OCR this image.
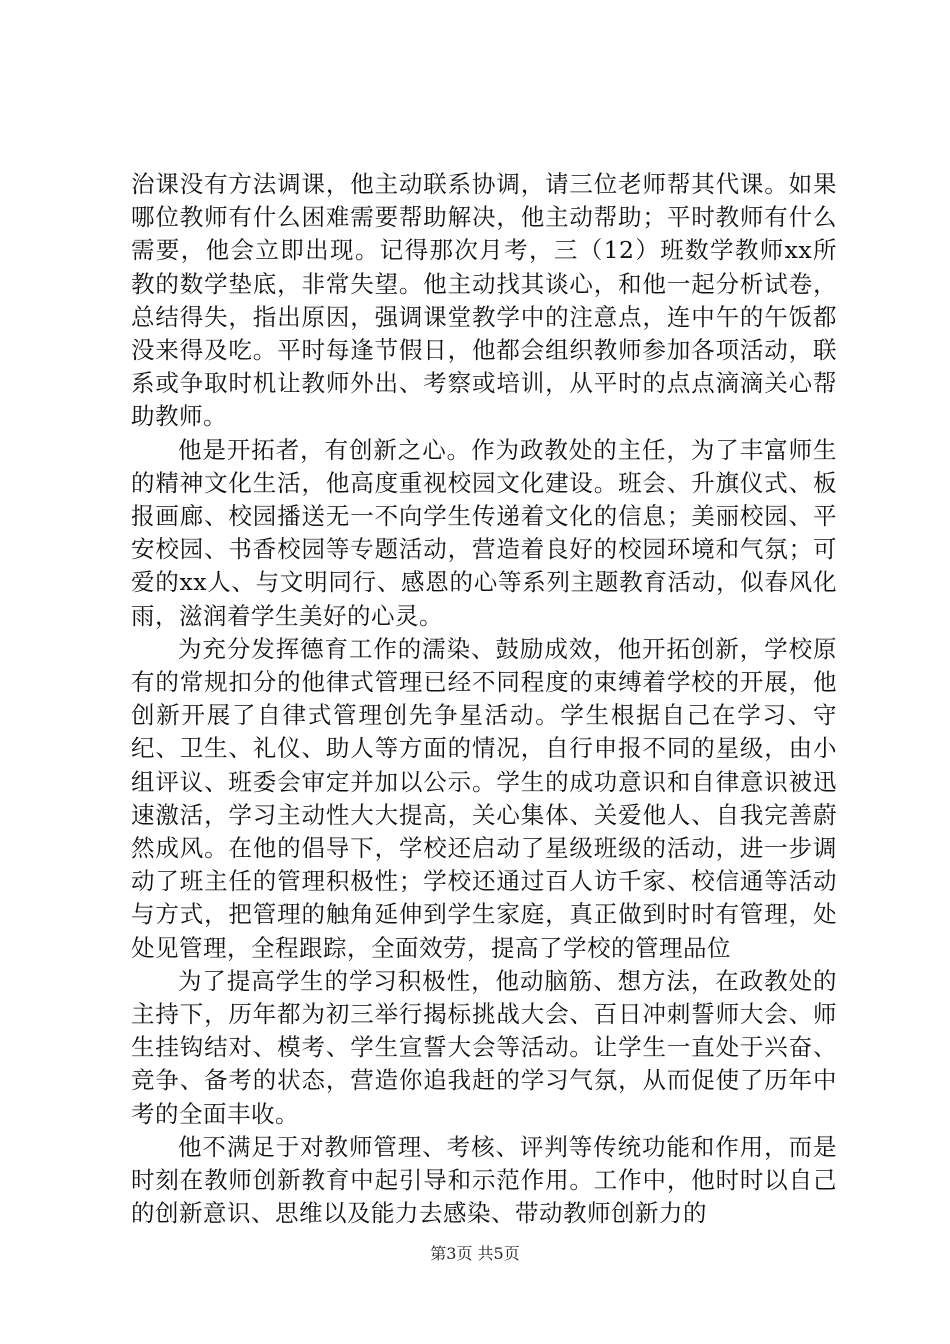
治课没有方法调课，他主动联系协调，请三位老师帮其代课。如果哪位教师有什么困难需要帮助解决，他主动帮助；平时教师有什么需要，他会立即出现。记得那次月考，三（12）班数学教师xx所教的数学垫底，非常失望。他主动找其谈心，和他一起分析试卷，总结得失，指出原因，强调课堂教学中的注意点，连中午的午饭都没来得及吃。平时每逢节假日，他都会组织教师参加各项活动，联系或争取时机让教师外出、考察或培训，从平时的点点滴滴关心帮助教师。

他是开拓者，有创新之心。作为政教处的主任，为了丰富师生的精神文化生活，他高度重视校园文化建设。班会、升旗仪式、板报画廊、校园播送无一不向学生传递着文化的信息；美丽校园、平安校园、书香校园等专题活动，营造着良好的校园环境和气氛；可爱的xx人、与文明同行、感恩的心等系列主题教育活动，似春风化雨，滋润着学生美好的心灵。

为充分发挥德育工作的濡染、鼓励成效，他开拓创新，学校原有的常规扣分的他律式管理已经不同程度的束缚着学校的开展，他创新开展了自律式管理创先争星活动。学生根据自己在学习、守纪、卫生、礼仪、助人等方面的情况，自行申报不同的星级，由小组评议、班委会审定并加以公示。学生的成功意识和自律意识被迅速激活，学习主动性大大提高，关心集体、关爱他人、自我完善蔚然成风。在他的倡导下，学校还启动了星级班级的活动，进一步调动了班主任的管理积极性；学校还通过百人访千家、校信通等活动与方式，把管理的触角延伸到学生家庭，真正做到时时有管理，处处见管理，全程跟踪，全面效劳，提高了学校的管理品位

为了提高学生的学习积极性，他动脑筋、想方法，在政教处的主持下，历年都为初三举行揭标挑战大会、百日冲刺誓师大会、师生挂钩结对、模考、学生宣誓大会等活动。让学生一直处于兴奋、竞争、备考的状态，营造你追我赶的学习气氛，从而促使了历年中考的全面丰收。

他不满足于对教师管理、考核、评判等传统功能和作用，而是时刻在教师创新教育中起引导和示范作用。工作中，他时时以自己的创新意识、思维以及能力去感染、带动教师创新力的

第3页 共5页
